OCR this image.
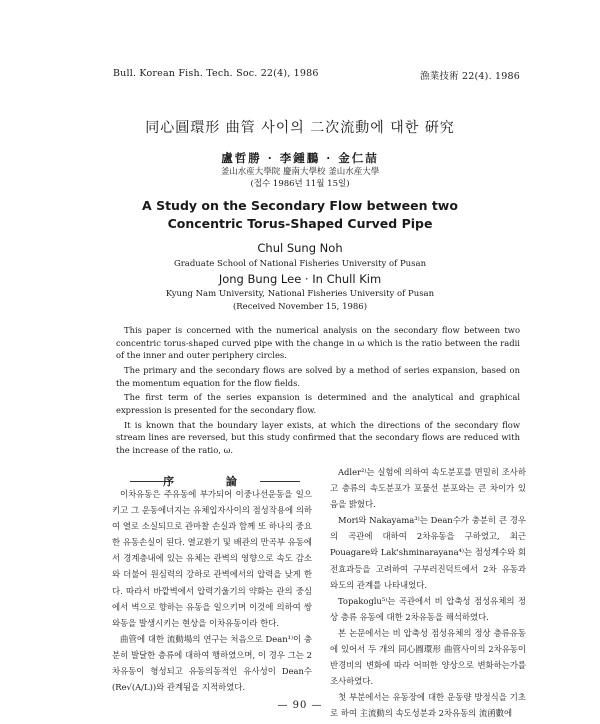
Bull. Korean Fish. Tech. Soc. 22(4), 1986	漁業技術 22(4). 1986
同心圓環形 曲管 사이의 二次流動에 대한 硏究
盧哲勝 · 李鍾鵬 · 金仁喆
釜山水産大學院 慶南大學校 釜山水産大學
(접수 1986년 11월 15일)
A Study on the Secondary Flow between two
Concentric Torus-Shaped Curved Pipe
Chul Sung Noh
Graduate School of National Fisheries University of Pusan
Jong Bung Lee · In Chull Kim
Kyung Nam University, National Fisheries University of Pusan
(Received November 15, 1986)

This paper is concerned with the numerical analysis on the secondary flow between two concentric torus-shaped curved pipe with the change in ω which is the ratio between the radii of the inner and outer periphery circles.

The primary and the secondary flows are solved by a method of series expansion, based on the momentum equation for the flow fields.

The first term of the series expansion is determined and the analytical and graphical expression is presented for the secondary flow.

It is known that the boundary layer exists, at which the directions of the secondary flow stream lines are reversed, but this study confirmed that the secondary flows are reduced with the increase of the ratio, ω.

序 論

이차유동은 주유동에 부가되어 이중나선운동을 일으키고 그 운동에너지는 유체입자사이의 점성작용에 의하여 열로 소실되므로 관마찰 손실과 함께 또 하나의 중요한 유동손실이 된다. 열교환기 및 배관의 만곡부 유동에서 경계층내에 있는 유체는 관벽의 영향으로 속도 감소와 더불어 원심력의 강하로 관벽에서의 압력을 낮게 한다. 따라서 바깥벽에서 압력기울기의 약화는 관의 중심에서 벽으로 향하는 유동을 일으키며 이것에 의하여 쌍와동을 발생시키는 현상을 이차유동이라 한다.

曲管에 대한 流動場의 연구는 처음으로 Dean¹⁾이 충분히 발달한 층류에 대하여 행하였으며, 이 경우 그는 2차유동이 형성되고 유동의동적인 유사성이 Dean수 (Re√(A/L))와 관계됨을 지적하였다.

Adler²⁾는 실험에 의하여 속도분포를 면밀히 조사하고 층류의 속도분포가 포물선 분포와는 큰 차이가 있음을 밝혔다.

Mori와 Nakayama³⁾는 Dean수가 충분히 큰 경우의 곡관에 대하여 2차유동을 구하였고, 최근 Pouagare와 Lak'shminarayana⁴⁾는 점성계수와 회전효과등을 고려하여 구부러진덕트에서 2차 유동과 와도의 관계를 나타내었다.

Topakoglu⁵⁾는 곡관에서 비 압축성 점성유체의 정상 층류 유동에 대한 2차유동을 해석하였다.

본 논문에서는 비 압축성 점성유체의 정상 층류유동에 있어서 두 개의 同心圓環形 曲管사이의 2차유동이 반경비의 변화에 따라 어떠한 양상으로 변화하는가를 조사하였다.

첫 부분에서는 유동장에 대한 운동량 방정식을 기초로 하여 主流動의 속도성분과 2차유동의 流函數에

— 90 —
